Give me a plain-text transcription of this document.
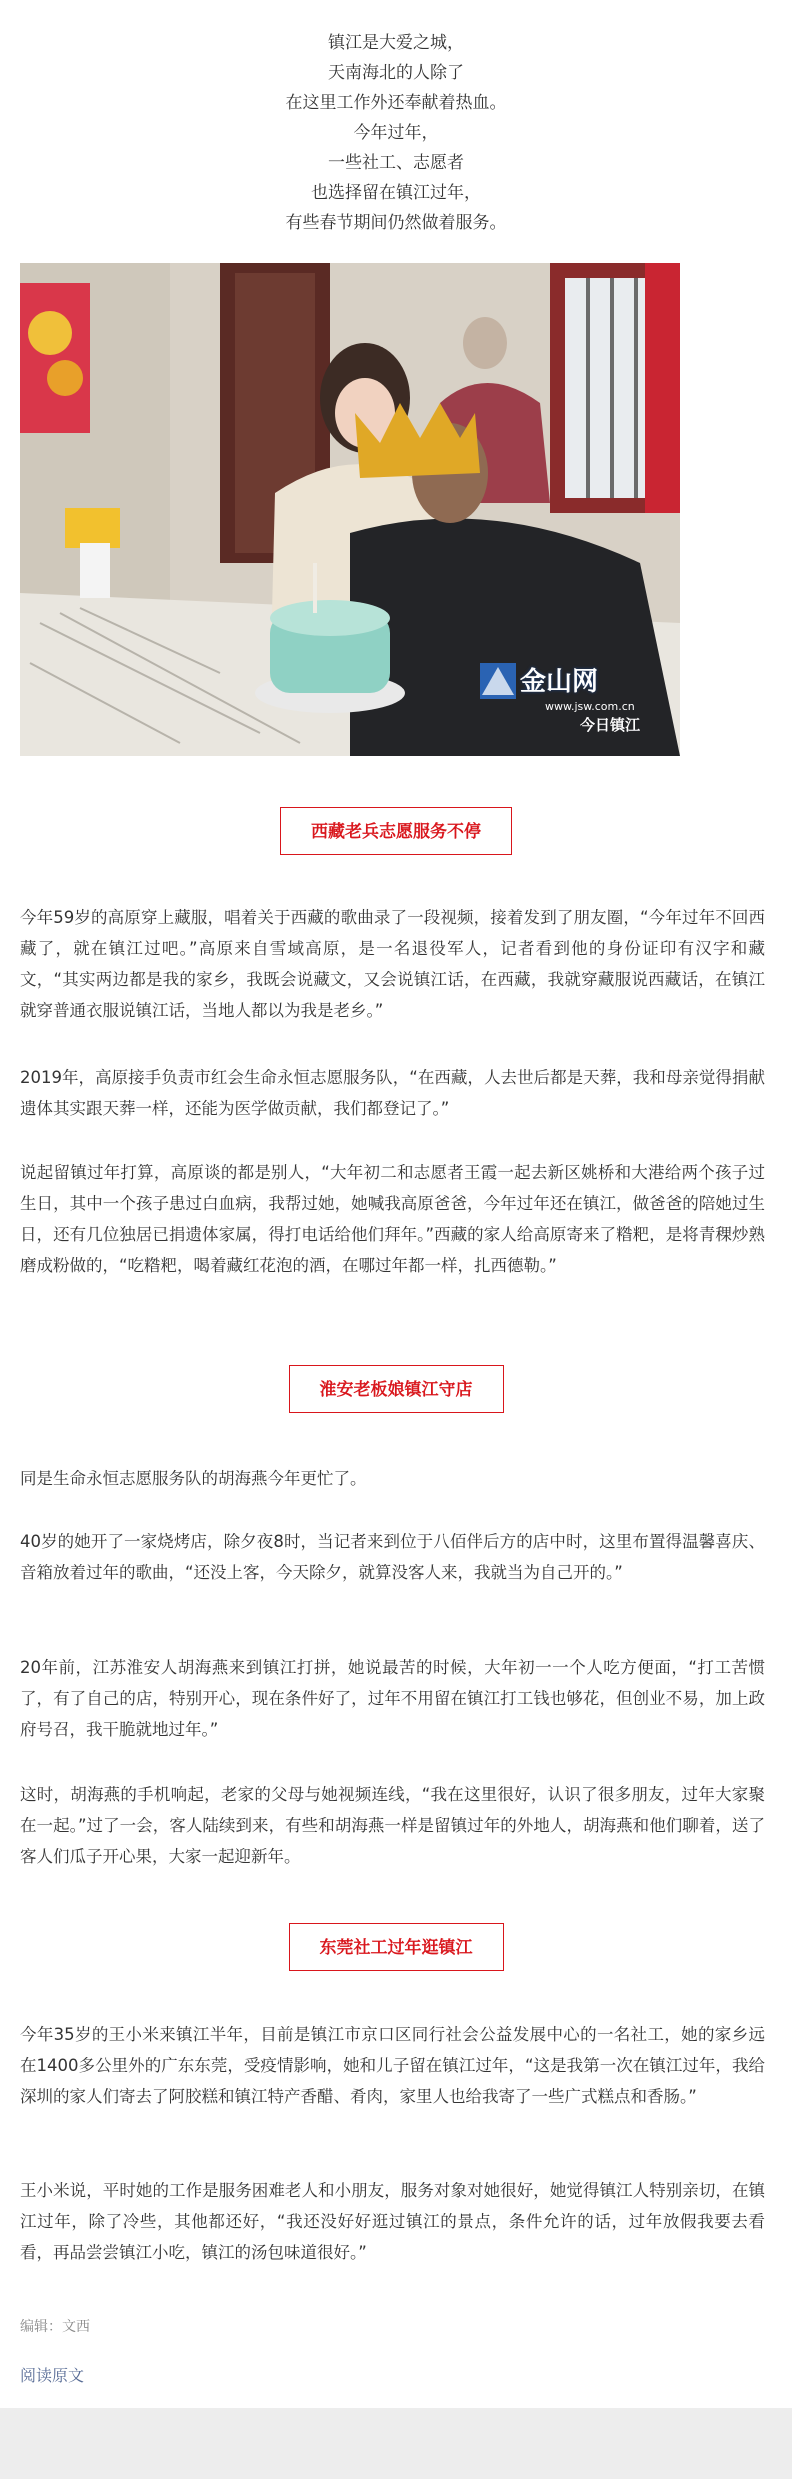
镇江是大爱之城，
天南海北的人除了
在这里工作外还奉献着热血。
今年过年，
一些社工、志愿者
也选择留在镇江过年，
有些春节期间仍然做着服务。
金山网
www.jsw.com.cn
今日镇江
西藏老兵志愿服务不停
今年59岁的高原穿上藏服，唱着关于西藏的歌曲录了一段视频，接着发到了朋友圈，“今年过年不回西藏了，就在镇江过吧。”高原来自雪域高原，是一名退役军人，记者看到他的身份证印有汉字和藏文，“其实两边都是我的家乡，我既会说藏文，又会说镇江话，在西藏，我就穿藏服说西藏话，在镇江就穿普通衣服说镇江话，当地人都以为我是老乡。”
2019年，高原接手负责市红会生命永恒志愿服务队，“在西藏，人去世后都是天葬，我和母亲觉得捐献遗体其实跟天葬一样，还能为医学做贡献，我们都登记了。”
说起留镇过年打算，高原谈的都是别人，“大年初二和志愿者王霞一起去新区姚桥和大港给两个孩子过生日，其中一个孩子患过白血病，我帮过她，她喊我高原爸爸，今年过年还在镇江，做爸爸的陪她过生日，还有几位独居已捐遗体家属，得打电话给他们拜年。”西藏的家人给高原寄来了糌粑，是将青稞炒熟磨成粉做的，“吃糌粑，喝着藏红花泡的酒，在哪过年都一样，扎西德勒。”
淮安老板娘镇江守店
同是生命永恒志愿服务队的胡海燕今年更忙了。
40岁的她开了一家烧烤店，除夕夜8时，当记者来到位于八佰伴后方的店中时，这里布置得温馨喜庆、音箱放着过年的歌曲，“还没上客，今天除夕，就算没客人来，我就当为自己开的。”
20年前，江苏淮安人胡海燕来到镇江打拼，她说最苦的时候，大年初一一个人吃方便面，“打工苦惯了，有了自己的店，特别开心，现在条件好了，过年不用留在镇江打工钱也够花，但创业不易，加上政府号召，我干脆就地过年。”
这时，胡海燕的手机响起，老家的父母与她视频连线，“我在这里很好，认识了很多朋友，过年大家聚在一起。”过了一会，客人陆续到来，有些和胡海燕一样是留镇过年的外地人，胡海燕和他们聊着，送了客人们瓜子开心果，大家一起迎新年。
东莞社工过年逛镇江
今年35岁的王小米来镇江半年，目前是镇江市京口区同行社会公益发展中心的一名社工，她的家乡远在1400多公里外的广东东莞，受疫情影响，她和儿子留在镇江过年，“这是我第一次在镇江过年，我给深圳的家人们寄去了阿胶糕和镇江特产香醋、肴肉，家里人也给我寄了一些广式糕点和香肠。”
王小米说，平时她的工作是服务困难老人和小朋友，服务对象对她很好，她觉得镇江人特别亲切，在镇江过年，除了冷些，其他都还好，“我还没好好逛过镇江的景点，条件允许的话，过年放假我要去看看，再品尝尝镇江小吃，镇江的汤包味道很好。”
编辑：文西
阅读原文
